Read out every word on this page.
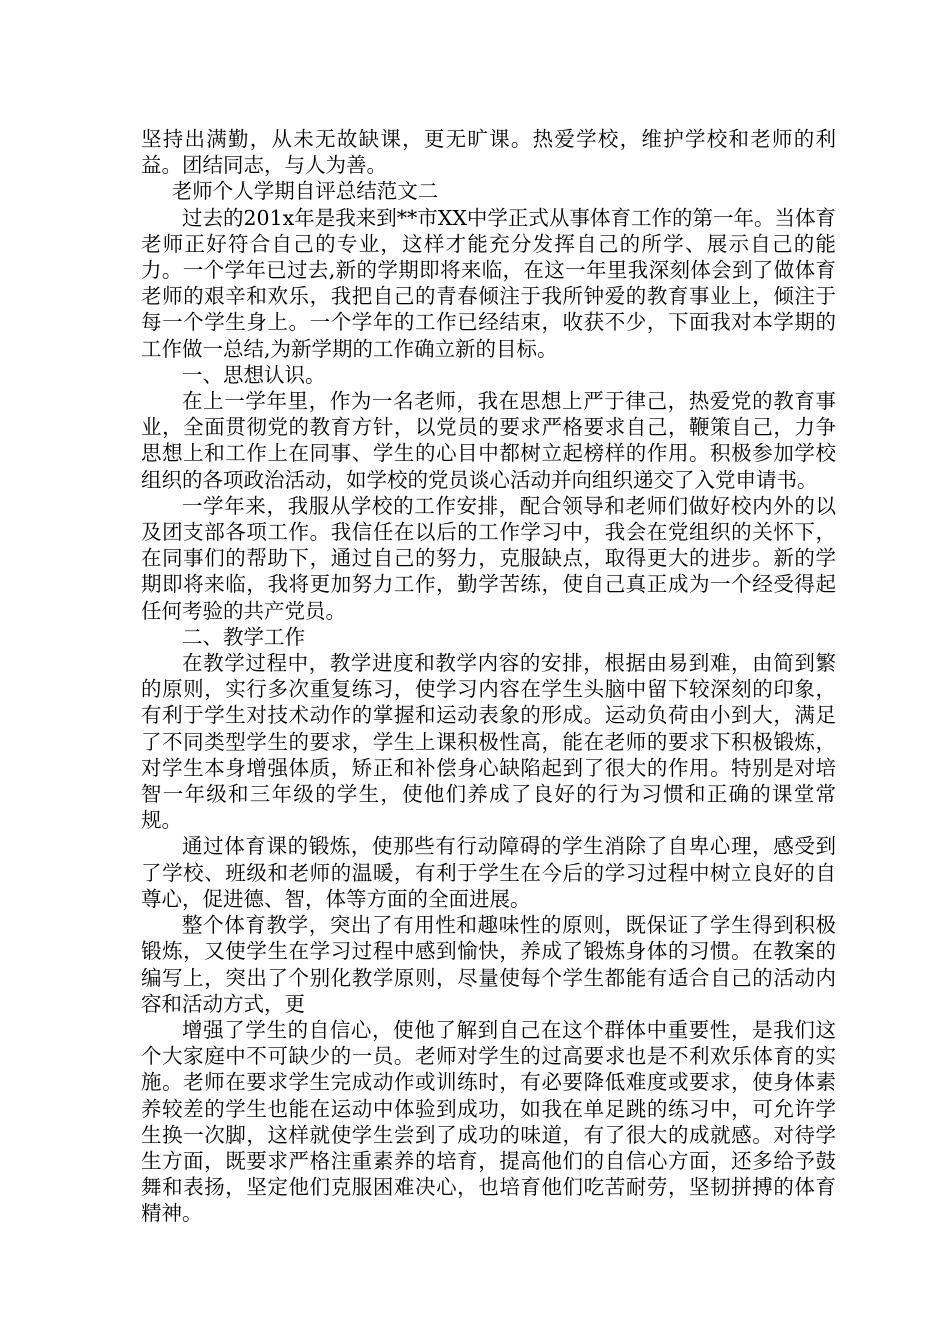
坚持出满勤，从未无故缺课，更无旷课。热爱学校，维护学校和老师的利益。团结同志，与人为善。

老师个人学期自评总结范文二

过去的201x年是我来到**市XX中学正式从事体育工作的第一年。当体育老师正好符合自己的专业，这样才能充分发挥自己的所学、展示自己的能力。一个学年已过去,新的学期即将来临，在这一年里我深刻体会到了做体育老师的艰辛和欢乐，我把自己的青春倾注于我所钟爱的教育事业上，倾注于每一个学生身上。一个学年的工作已经结束，收获不少，下面我对本学期的工作做一总结,为新学期的工作确立新的目标。

一、思想认识。

在上一学年里，作为一名老师，我在思想上严于律己，热爱党的教育事业，全面贯彻党的教育方针，以党员的要求严格要求自己，鞭策自己，力争思想上和工作上在同事、学生的心目中都树立起榜样的作用。积极参加学校组织的各项政治活动，如学校的党员谈心活动并向组织递交了入党申请书。

一学年来，我服从学校的工作安排，配合领导和老师们做好校内外的以及团支部各项工作。我信任在以后的工作学习中，我会在党组织的关怀下，在同事们的帮助下，通过自己的努力，克服缺点，取得更大的进步。新的学期即将来临，我将更加努力工作，勤学苦练，使自己真正成为一个经受得起任何考验的共产党员。

二、教学工作

在教学过程中，教学进度和教学内容的安排，根据由易到难，由简到繁的原则，实行多次重复练习，使学习内容在学生头脑中留下较深刻的印象，有利于学生对技术动作的掌握和运动表象的形成。运动负荷由小到大，满足了不同类型学生的要求，学生上课积极性高，能在老师的要求下积极锻炼，对学生本身增强体质，矫正和补偿身心缺陷起到了很大的作用。特别是对培智一年级和三年级的学生，使他们养成了良好的行为习惯和正确的课堂常规。

通过体育课的锻炼，使那些有行动障碍的学生消除了自卑心理，感受到了学校、班级和老师的温暖，有利于学生在今后的学习过程中树立良好的自尊心，促进德、智，体等方面的全面进展。

整个体育教学，突出了有用性和趣味性的原则，既保证了学生得到积极锻炼，又使学生在学习过程中感到愉快，养成了锻炼身体的习惯。在教案的编写上，突出了个别化教学原则，尽量使每个学生都能有适合自己的活动内容和活动方式，更

增强了学生的自信心，使他了解到自己在这个群体中重要性，是我们这个大家庭中不可缺少的一员。老师对学生的过高要求也是不利欢乐体育的实施。老师在要求学生完成动作或训练时，有必要降低难度或要求，使身体素养较差的学生也能在运动中体验到成功，如我在单足跳的练习中，可允许学生换一次脚，这样就使学生尝到了成功的味道，有了很大的成就感。对待学生方面，既要求严格注重素养的培育，提高他们的自信心方面，还多给予鼓舞和表扬，坚定他们克服困难决心，也培育他们吃苦耐劳，坚韧拼搏的体育精神。
